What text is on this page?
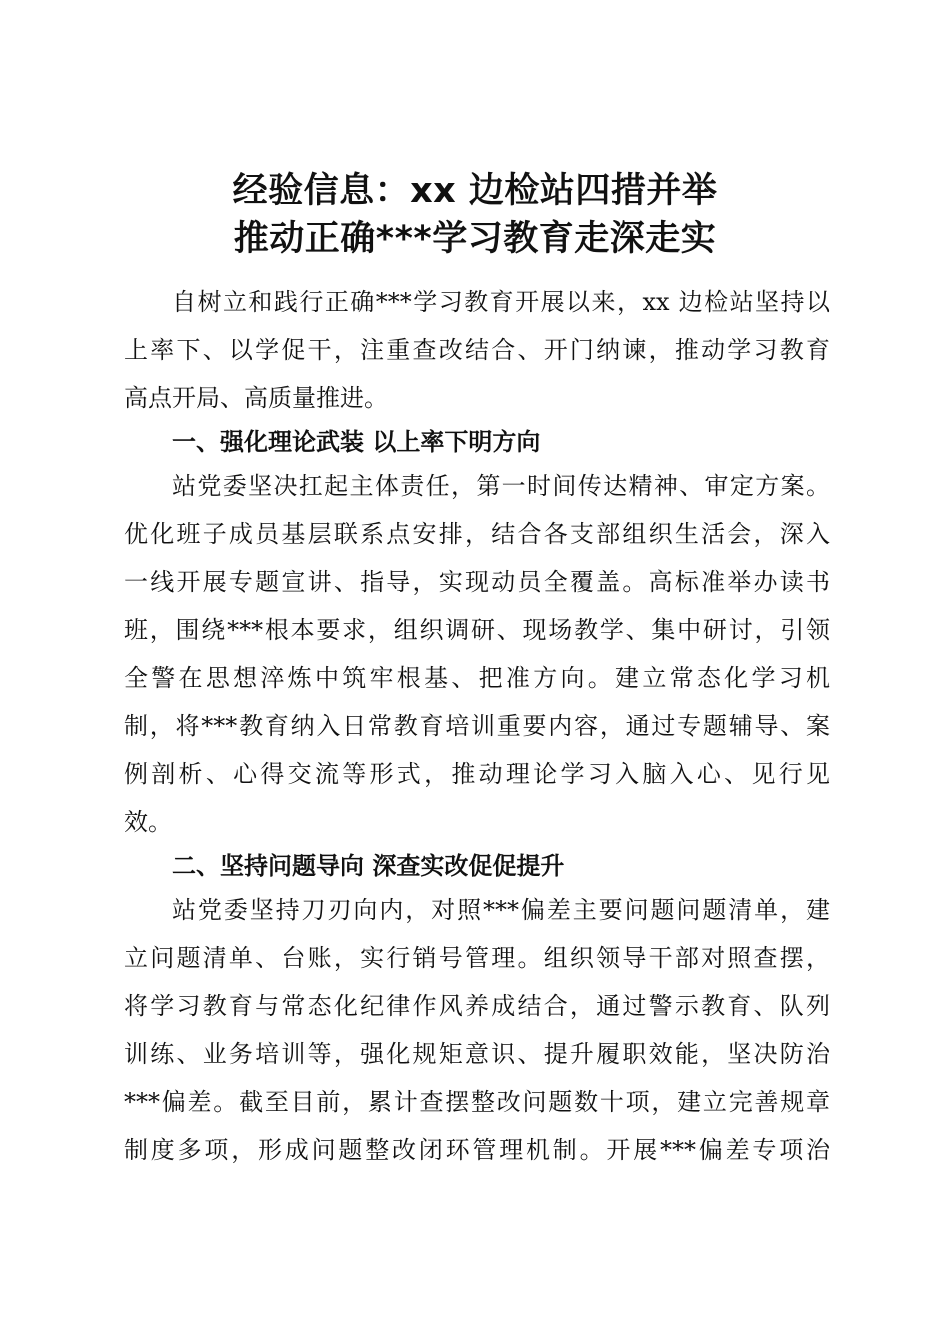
经验信息：xx 边检站四措并举
推动正确***学习教育走深走实
自树立和践行正确***学习教育开展以来，xx 边检站坚持以
上率下、以学促干，注重查改结合、开门纳谏，推动学习教育
高点开局、高质量推进。
一、强化理论武装 以上率下明方向
站党委坚决扛起主体责任，第一时间传达精神、审定方案。
优化班子成员基层联系点安排，结合各支部组织生活会，深入
一线开展专题宣讲、指导，实现动员全覆盖。高标准举办读书
班，围绕***根本要求，组织调研、现场教学、集中研讨，引领
全警在思想淬炼中筑牢根基、把准方向。建立常态化学习机
制，将***教育纳入日常教育培训重要内容，通过专题辅导、案
例剖析、心得交流等形式，推动理论学习入脑入心、见行见
效。
二、坚持问题导向 深查实改促促提升
站党委坚持刀刃向内，对照***偏差主要问题问题清单，建
立问题清单、台账，实行销号管理。组织领导干部对照查摆，
将学习教育与常态化纪律作风养成结合，通过警示教育、队列
训练、业务培训等，强化规矩意识、提升履职效能，坚决防治
***偏差。截至目前，累计查摆整改问题数十项，建立完善规章
制度多项，形成问题整改闭环管理机制。开展***偏差专项治
